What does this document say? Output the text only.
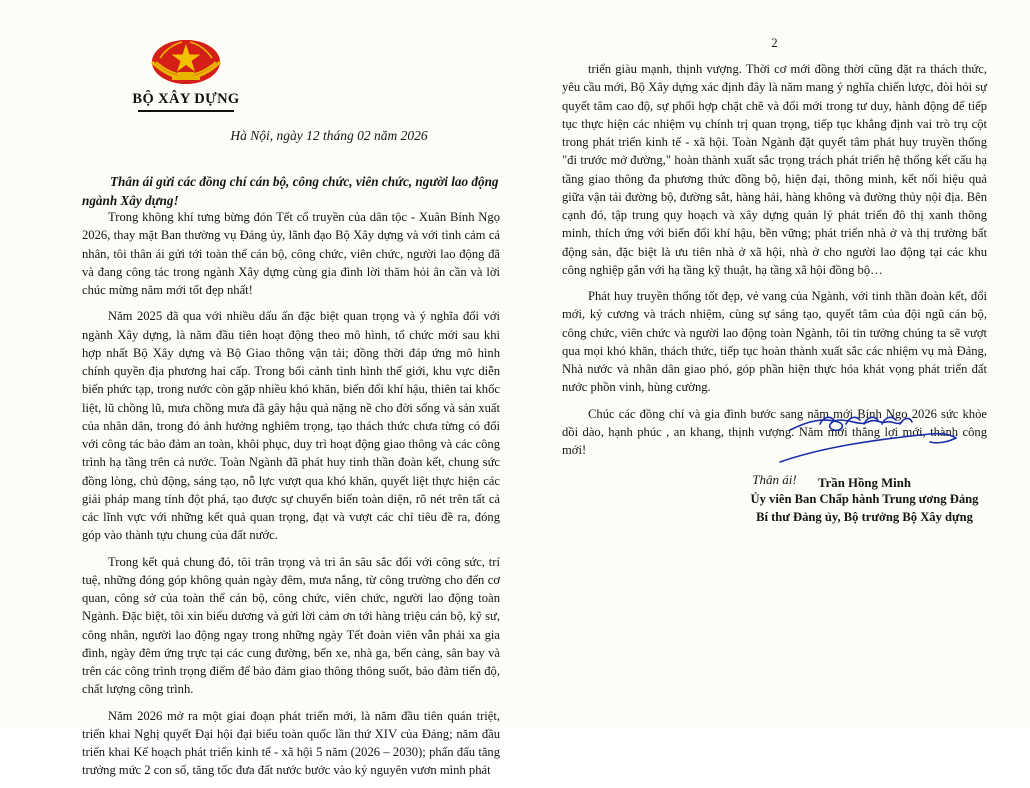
BỘ XÂY DỰNG
Hà Nội, ngày 12 tháng 02 năm 2026
Thân ái gửi các đồng chí cán bộ, công chức, viên chức, người lao động ngành Xây dựng!

Trong không khí tưng bừng đón Tết cổ truyền của dân tộc - Xuân Bính Ngọ 2026, thay mặt Ban thường vụ Đảng ủy, lãnh đạo Bộ Xây dựng và với tình cảm cá nhân, tôi thân ái gửi tới toàn thể cán bộ, công chức, viên chức, người lao động đã và đang công tác trong ngành Xây dựng cùng gia đình lời thăm hỏi ân cần và lời chúc mừng năm mới tốt đẹp nhất!

Năm 2025 đã qua với nhiều dấu ấn đặc biệt quan trọng và ý nghĩa đối với ngành Xây dựng, là năm đầu tiên hoạt động theo mô hình, tổ chức mới sau khi hợp nhất Bộ Xây dựng và Bộ Giao thông vận tải; đồng thời đáp ứng mô hình chính quyền địa phương hai cấp. Trong bối cảnh tình hình thế giới, khu vực diễn biến phức tạp, trong nước còn gặp nhiều khó khăn, biến đổi khí hậu, thiên tai khốc liệt, lũ chồng lũ, mưa chồng mưa đã gây hậu quả nặng nề cho đời sống và sản xuất của nhân dân, trong đó ảnh hưởng nghiêm trọng, tạo thách thức chưa từng có đối với công tác bảo đảm an toàn, khôi phục, duy trì hoạt động giao thông và các công trình hạ tầng trên cả nước. Toàn Ngành đã phát huy tinh thần đoàn kết, chung sức đồng lòng, chủ động, sáng tạo, nỗ lực vượt qua khó khăn, quyết liệt thực hiện các giải pháp mang tính đột phá, tạo được sự chuyển biến toàn diện, rõ nét trên tất cả các lĩnh vực với những kết quả quan trọng, đạt và vượt các chỉ tiêu đề ra, đóng góp vào thành tựu chung của đất nước.

Trong kết quả chung đó, tôi trân trọng và tri ân sâu sắc đối với công sức, trí tuệ, những đóng góp không quản ngày đêm, mưa nắng, từ công trường cho đến cơ quan, công sở của toàn thể cán bộ, công chức, viên chức, người lao động toàn Ngành. Đặc biệt, tôi xin biểu dương và gửi lời cảm ơn tới hàng triệu cán bộ, kỹ sư, công nhân, người lao động ngay trong những ngày Tết đoàn viên vẫn phải xa gia đình, ngày đêm ứng trực tại các cung đường, bến xe, nhà ga, bến cảng, sân bay và trên các công trình trọng điểm để bảo đảm giao thông thông suốt, bảo đảm tiến độ, chất lượng công trình.

Năm 2026 mở ra một giai đoạn phát triển mới, là năm đầu tiên quán triệt, triển khai Nghị quyết Đại hội đại biểu toàn quốc lần thứ XIV của Đảng; năm đầu triển khai Kế hoạch phát triển kinh tế - xã hội 5 năm (2026 – 2030); phấn đấu tăng trưởng mức 2 con số, tăng tốc đưa đất nước bước vào kỷ nguyên vươn mình phát

2

triển giàu mạnh, thịnh vượng. Thời cơ mới đồng thời cũng đặt ra thách thức, yêu cầu mới, Bộ Xây dựng xác định đây là năm mang ý nghĩa chiến lược, đòi hỏi sự quyết tâm cao độ, sự phối hợp chặt chẽ và đổi mới trong tư duy, hành động để tiếp tục thực hiện các nhiệm vụ chính trị quan trọng, tiếp tục khẳng định vai trò trụ cột trong phát triển kinh tế - xã hội. Toàn Ngành đặt quyết tâm phát huy truyền thống "đi trước mở đường," hoàn thành xuất sắc trọng trách phát triển hệ thống kết cấu hạ tầng giao thông đa phương thức đồng bộ, hiện đại, thông minh, kết nối hiệu quả giữa vận tải đường bộ, đường sắt, hàng hải, hàng không và đường thủy nội địa. Bên cạnh đó, tập trung quy hoạch và xây dựng quản lý phát triển đô thị xanh thông minh, thích ứng với biến đổi khí hậu, bền vững; phát triển nhà ở và thị trường bất động sản, đặc biệt là ưu tiên nhà ở xã hội, nhà ở cho người lao động tại các khu công nghiệp gắn với hạ tầng kỹ thuật, hạ tầng xã hội đồng bộ…

Phát huy truyền thống tốt đẹp, vẻ vang của Ngành, với tinh thần đoàn kết, đổi mới, kỷ cương và trách nhiệm, cùng sự sáng tạo, quyết tâm của đội ngũ cán bộ, công chức, viên chức và người lao động toàn Ngành, tôi tin tưởng chúng ta sẽ vượt qua mọi khó khăn, thách thức, tiếp tục hoàn thành xuất sắc các nhiệm vụ mà Đảng, Nhà nước và nhân dân giao phó, góp phần hiện thực hóa khát vọng phát triển đất nước phồn vinh, hùng cường.

Chúc các đồng chí và gia đình bước sang năm mới Bính Ngọ 2026 sức khỏe dồi dào, hạnh phúc , an khang, thịnh vượng. Năm mới thắng lợi mới, thành công mới!

Thân ái!	Trần Hồng Minh
Ủy viên Ban Chấp hành Trung ương Đảng
Bí thư Đảng ủy, Bộ trưởng Bộ Xây dựng
